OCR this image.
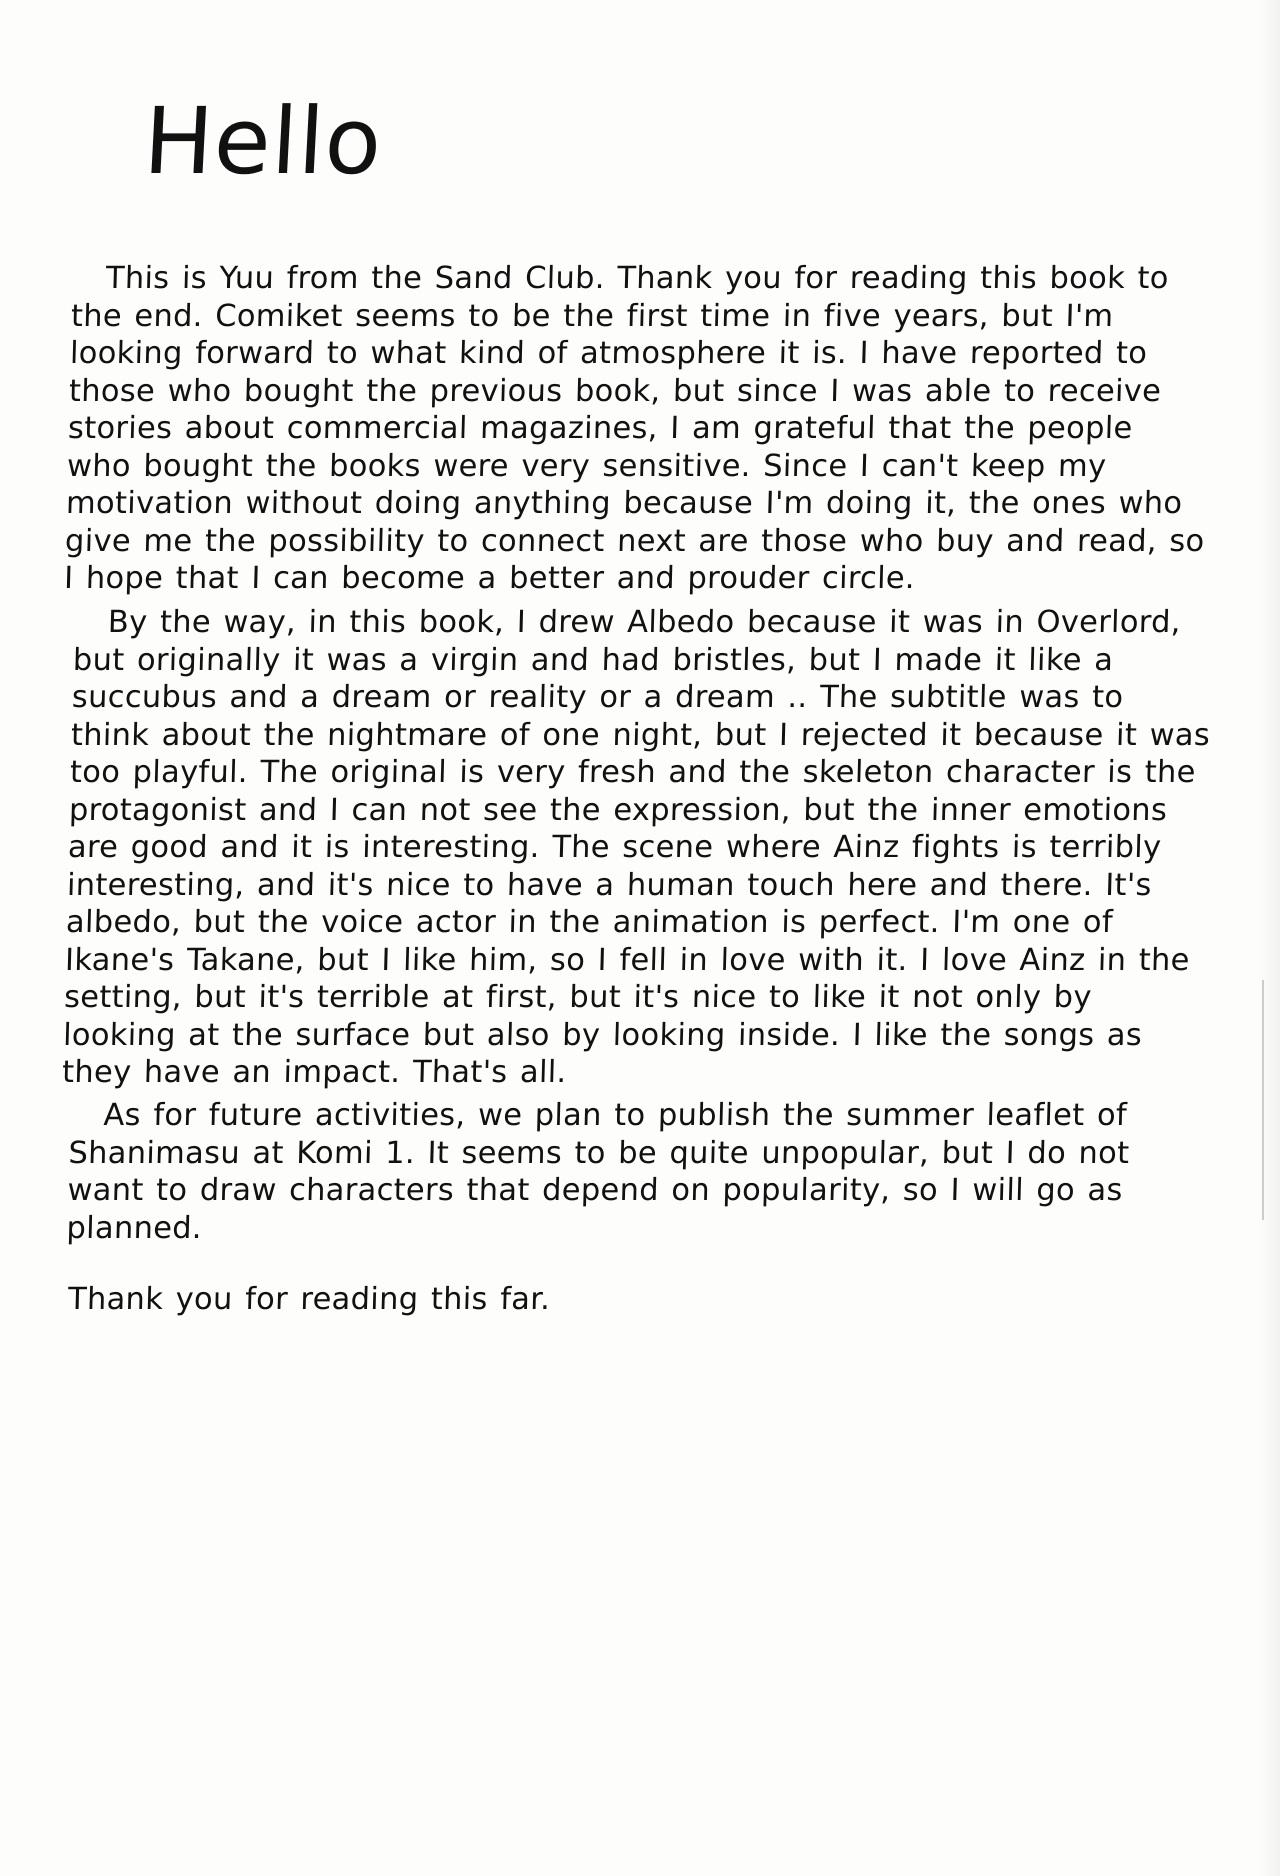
Hello

This is Yuu from the Sand Club. Thank you for reading this book to the end. Comiket seems to be the first time in five years, but I'm looking forward to what kind of atmosphere it is. I have reported to those who bought the previous book, but since I was able to receive stories about commercial magazines, I am grateful that the people who bought the books were very sensitive. Since I can't keep my motivation without doing anything because I'm doing it, the ones who give me the possibility to connect next are those who buy and read, so I hope that I can become a better and prouder circle.

By the way, in this book, I drew Albedo because it was in Overlord, but originally it was a virgin and had bristles, but I made it like a succubus and a dream or reality or a dream .. The subtitle was to think about the nightmare of one night, but I rejected it because it was too playful. The original is very fresh and the skeleton character is the protagonist and I can not see the expression, but the inner emotions are good and it is interesting. The scene where Ainz fights is terribly interesting, and it's nice to have a human touch here and there. It's albedo, but the voice actor in the animation is perfect. I'm one of Ikane's Takane, but I like him, so I fell in love with it. I love Ainz in the setting, but it's terrible at first, but it's nice to like it not only by looking at the surface but also by looking inside. I like the songs as they have an impact. That's all.

As for future activities, we plan to publish the summer leaflet of Shanimasu at Komi 1. It seems to be quite unpopular, but I do not want to draw characters that depend on popularity, so I will go as planned.

Thank you for reading this far.
